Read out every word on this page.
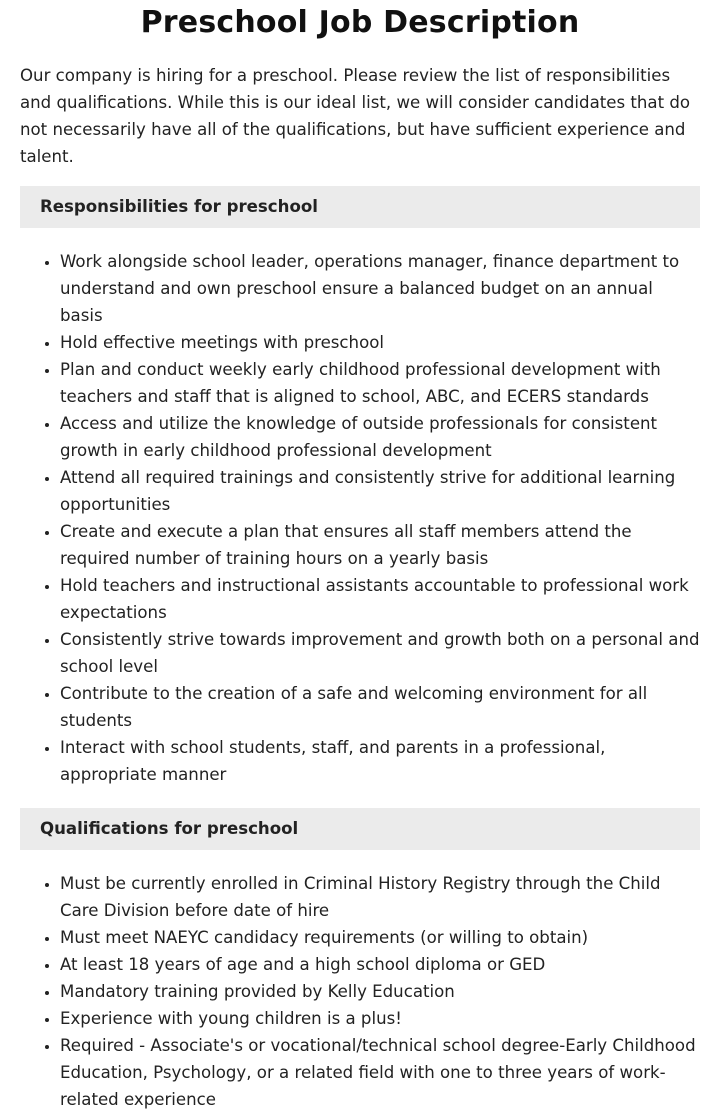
Preschool Job Description

Our company is hiring for a preschool. Please review the list of responsibilities and qualifications. While this is our ideal list, we will consider candidates that do not necessarily have all of the qualifications, but have sufficient experience and talent.

Responsibilities for preschool
• Work alongside school leader, operations manager, finance department to understand and own preschool ensure a balanced budget on an annual basis
• Hold effective meetings with preschool
• Plan and conduct weekly early childhood professional development with teachers and staff that is aligned to school, ABC, and ECERS standards
• Access and utilize the knowledge of outside professionals for consistent growth in early childhood professional development
• Attend all required trainings and consistently strive for additional learning opportunities
• Create and execute a plan that ensures all staff members attend the required number of training hours on a yearly basis
• Hold teachers and instructional assistants accountable to professional work expectations
• Consistently strive towards improvement and growth both on a personal and school level
• Contribute to the creation of a safe and welcoming environment for all students
• Interact with school students, staff, and parents in a professional, appropriate manner
Qualifications for preschool
• Must be currently enrolled in Criminal History Registry through the Child Care Division before date of hire
• Must meet NAEYC candidacy requirements (or willing to obtain)
• At least 18 years of age and a high school diploma or GED
• Mandatory training provided by Kelly Education
• Experience with young children is a plus!
• Required - Associate's or vocational/technical school degree-Early Childhood Education, Psychology, or a related field with one to three years of work-related experience
